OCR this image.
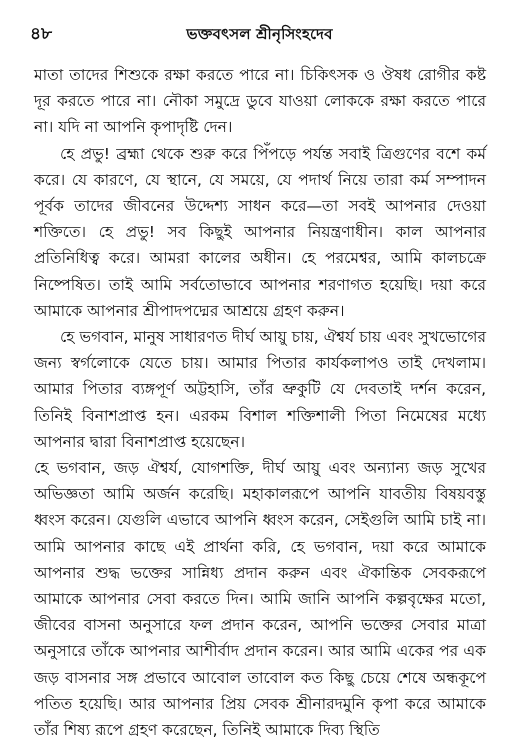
৪৮	ভক্তবৎসল শ্রীনৃসিংহদেব

মাতা তাদের শিশুকে রক্ষা করতে পারে না। চিকিৎসক ও ঔষধ রোগীর কষ্ট দূর করতে পারে না। নৌকা সমুদ্রে ডুবে যাওয়া লোককে রক্ষা করতে পারে না। যদি না আপনি কৃপাদৃষ্টি দেন।

হে প্রভু! ব্রহ্মা থেকে শুরু করে পিঁপড়ে পর্যন্ত সবাই ত্রিগুণের বশে কর্ম করে। যে কারণে, যে স্থানে, যে সময়ে, যে পদার্থ নিয়ে তারা কর্ম সম্পাদন পূর্বক তাদের জীবনের উদ্দেশ্য সাধন করে—তা সবই আপনার দেওয়া শক্তিতে। হে প্রভু! সব কিছুই আপনার নিয়ন্ত্রণাধীন। কাল আপনার প্রতিনিধিত্ব করে। আমরা কালের অধীন। হে পরমেশ্বর, আমি কালচক্রে নিষ্পেষিত। তাই আমি সর্বতোভাবে আপনার শরণাগত হয়েছি। দয়া করে আমাকে আপনার শ্রীপাদপদ্মের আশ্রয়ে গ্রহণ করুন।

হে ভগবান, মানুষ সাধারণত দীর্ঘ আয়ু চায়, ঐশ্বর্য চায় এবং সুখভোগের জন্য স্বর্গলোকে যেতে চায়। আমার পিতার কার্যকলাপও তাই দেখলাম। আমার পিতার ব্যঙ্গপূর্ণ অট্টহাসি, তাঁর ভ্রুকুটি যে দেবতাই দর্শন করেন, তিনিই বিনাশপ্রাপ্ত হন। এরকম বিশাল শক্তিশালী পিতা নিমেষের মধ্যে আপনার দ্বারা বিনাশপ্রাপ্ত হয়েছেন।

হে ভগবান, জড় ঐশ্বর্য, যোগশক্তি, দীর্ঘ আয়ু এবং অন্যান্য জড় সুখের অভিজ্ঞতা আমি অর্জন করেছি। মহাকালরূপে আপনি যাবতীয় বিষয়বস্তু ধ্বংস করেন। যেগুলি এভাবে আপনি ধ্বংস করেন, সেইগুলি আমি চাই না। আমি আপনার কাছে এই প্রার্থনা করি, হে ভগবান, দয়া করে আমাকে আপনার শুদ্ধ ভক্তের সান্নিধ্য প্রদান করুন এবং ঐকান্তিক সেবকরূপে আমাকে আপনার সেবা করতে দিন। আমি জানি আপনি কল্পবৃক্ষের মতো, জীবের বাসনা অনুসারে ফল প্রদান করেন, আপনি ভক্তের সেবার মাত্রা অনুসারে তাঁকে আপনার আশীর্বাদ প্রদান করেন। আর আমি একের পর এক জড় বাসনার সঙ্গ প্রভাবে আবোল তাবোল কত কিছু চেয়ে শেষে অন্ধকূপে পতিত হয়েছি। আর আপনার প্রিয় সেবক শ্রীনারদমুনি কৃপা করে আমাকে তাঁর শিষ্য রূপে গ্রহণ করেছেন, তিনিই আমাকে দিব্য স্থিতি
